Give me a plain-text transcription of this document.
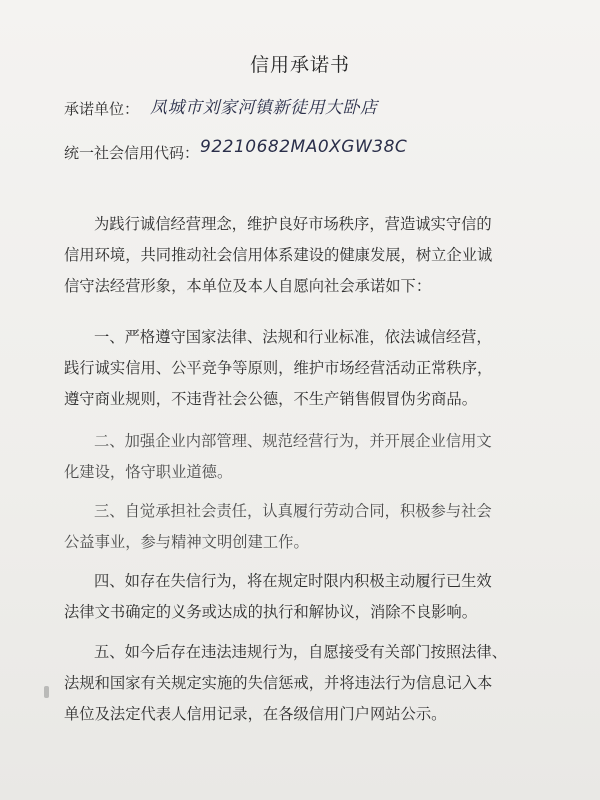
信用承诺书
承诺单位： 凤城市刘家河镇新徒用大卧店
统一社会信用代码： 92210682MA0XGW38C

为践行诚信经营理念，维护良好市场秩序，营造诚实守信的
信用环境，共同推动社会信用体系建设的健康发展，树立企业诚
信守法经营形象，本单位及本人自愿向社会承诺如下：

一、严格遵守国家法律、法规和行业标准，依法诚信经营，
践行诚实信用、公平竞争等原则，维护市场经营活动正常秩序，
遵守商业规则，不违背社会公德，不生产销售假冒伪劣商品。

二、加强企业内部管理、规范经营行为，并开展企业信用文
化建设，恪守职业道德。

三、自觉承担社会责任，认真履行劳动合同，积极参与社会
公益事业，参与精神文明创建工作。

四、如存在失信行为，将在规定时限内积极主动履行已生效
法律文书确定的义务或达成的执行和解协议，消除不良影响。

五、如今后存在违法违规行为，自愿接受有关部门按照法律、
法规和国家有关规定实施的失信惩戒，并将违法行为信息记入本
单位及法定代表人信用记录，在各级信用门户网站公示。
